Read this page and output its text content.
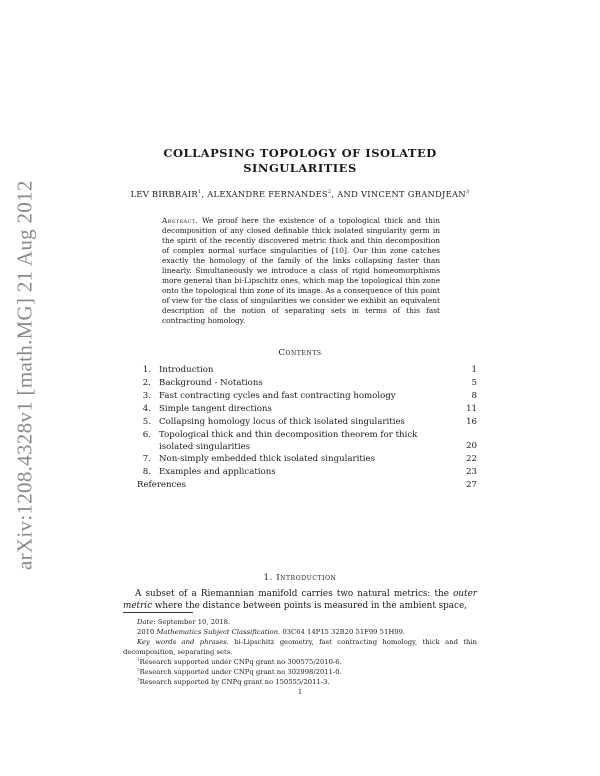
arXiv:1208.4328v1 [math.MG] 21 Aug 2012
COLLAPSING TOPOLOGY OF ISOLATED SINGULARITIES
LEV BIRBRAIR$^1$, ALEXANDRE FERNANDES$^2$, AND VINCENT GRANDJEAN$^3$
Abstract. We proof here the existence of a topological thick and thin decomposition of any closed definable thick isolated singularity germ in the spirit of the recently discovered metric thick and thin decomposition of complex normal surface singularities of [10]. Our thin zone catches exactly the homology of the family of the links collapsing faster than linearly. Simultaneously we introduce a class of rigid homeomorphisms more general than bi-Lipschitz ones, which map the topological thin zone onto the topological thin zone of its image. As a consequence of this point of view for the class of singularities we consider we exhibit an equivalent description of the notion of separating sets in terms of this fast contracting homology.
Contents
1. Introduction	1
2. Background - Notations	5
3. Fast contracting cycles and fast contracting homology	8
4. Simple tangent directions	11
5. Collapsing homology locus of thick isolated singularities	16
6. Topological thick and thin decomposition theorem for thick isolated singularities	20
7. Non-simply embedded thick isolated singularities	22
8. Examples and applications	23
References	27
1. Introduction
A subset of a Riemannian manifold carries two natural metrics: the outer metric where the distance between points is measured in the ambient space,
Date: September 10, 2018.
2010 Mathematics Subject Classification. 03C64 14P15 32B20 51F99 51H99.
Key words and phrases. bi-Lipschitz geometry, fast contracting homology, thick and thin decomposition, separating sets.
$^1$Research supported under CNPq grant no 300575/2010-6.
$^2$Research supported under CNPq grant no 302998/2011-0.
$^3$Research supported by CNPq grant no 150555/2011-3.
1
